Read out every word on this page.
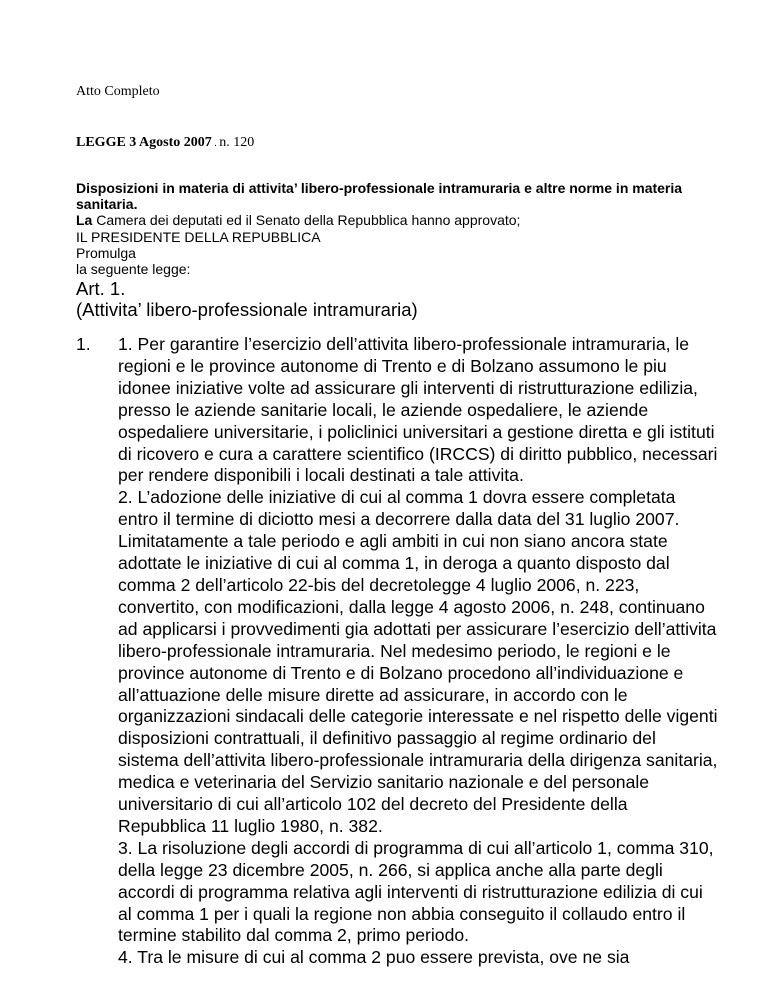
Atto Completo
LEGGE 3 Agosto 2007 . n. 120
Disposizioni in materia di attivita’ libero-professionale intramuraria e altre norme in materia sanitaria.
La Camera dei deputati ed il Senato della Repubblica hanno approvato;
IL PRESIDENTE DELLA REPUBBLICA
Promulga
la seguente legge:
Art. 1.
(Attivita’ libero-professionale intramuraria)
1. 1. Per garantire l’esercizio dell’attivita libero-professionale intramuraria, le regioni e le province autonome di Trento e di Bolzano assumono le piu idonee iniziative volte ad assicurare gli interventi di ristrutturazione edilizia, presso le aziende sanitarie locali, le aziende ospedaliere, le aziende ospedaliere universitarie, i policlinici universitari a gestione diretta e gli istituti di ricovero e cura a carattere scientifico (IRCCS) di diritto pubblico, necessari per rendere disponibili i locali destinati a tale attivita.

2. L’adozione delle iniziative di cui al comma 1 dovra essere completata entro il termine di diciotto mesi a decorrere dalla data del 31 luglio 2007. Limitatamente a tale periodo e agli ambiti in cui non siano ancora state adottate le iniziative di cui al comma 1, in deroga a quanto disposto dal comma 2 dell’articolo 22-bis del decretolegge 4 luglio 2006, n. 223, convertito, con modificazioni, dalla legge 4 agosto 2006, n. 248, continuano ad applicarsi i provvedimenti gia adottati per assicurare l’esercizio dell’attivita

libero-professionale intramuraria. Nel medesimo periodo, le regioni e le province autonome di Trento e di Bolzano procedono all’individuazione e all’attuazione delle misure dirette ad assicurare, in accordo con le organizzazioni sindacali delle categorie interessate e nel rispetto delle vigenti disposizioni contrattuali, il definitivo passaggio al regime ordinario del sistema dell’attivita libero-professionale intramuraria della dirigenza sanitaria, medica e veterinaria del Servizio sanitario nazionale e del personale universitario di cui all’articolo 102 del decreto del Presidente della Repubblica 11 luglio 1980, n. 382.

3. La risoluzione degli accordi di programma di cui all’articolo 1, comma 310, della legge 23 dicembre 2005, n. 266, si applica anche alla parte degli accordi di programma relativa agli interventi di ristrutturazione edilizia di cui al comma 1 per i quali la regione non abbia conseguito il collaudo entro il termine stabilito dal comma 2, primo periodo.

4. Tra le misure di cui al comma 2 puo essere prevista, ove ne sia
